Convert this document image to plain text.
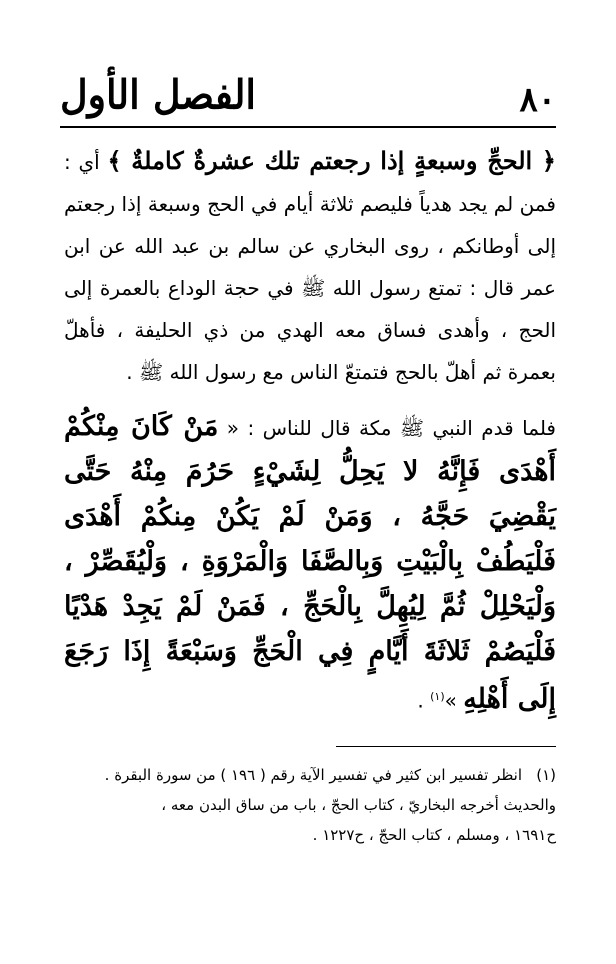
٨٠
الفصل الأول

﴿ الحجِّ وسبعةٍ إذا رجعتم تلك عشرةٌ كاملةٌ ﴾ أي : فمن لم يجد هدياً فليصم ثلاثة أيام في الحج وسبعة إذا رجعتم إلى أوطانكم ، روى البخاري عن سالم بن عبد الله عن ابن عمر قال : تمتع رسول الله ﷺ في حجة الوداع بالعمرة إلى الحج ، وأهدى فساق معه الهدي من ذي الحليفة ، فأهلّ بعمرة ثم أهلّ بالحج فتمتعّ الناس مع رسول الله ﷺ .

فلما قدم النبي ﷺ مكة قال للناس : « مَنْ كَانَ مِنْكُمْ أَهْدَى فَإِنَّهُ لا يَحِلُّ لِشَيْءٍ حَرُمَ مِنْهُ حَتَّى يَقْضِيَ حَجَّهُ ، وَمَنْ لَمْ يَكُنْ مِنكُمْ أَهْدَى فَلْيَطُفْ بِالْبَيْتِ وَبِالصَّفَا وَالْمَرْوَةِ ، وَلْيُقَصِّرْ ، وَلْيَحْلِلْ ثُمَّ لِيُهِلَّ بِالْحَجِّ ، فَمَنْ لَمْ يَجِدْ هَدْيًا فَلْيَصُمْ ثَلاثَةَ أَيَّامٍ فِي الْحَجِّ وَسَبْعَةً إِذَا رَجَعَ إِلَى أَهْلِهِ »$^{(١)}$ .

(١)انظر تفسير ابن كثير في تفسير الآية رقم ( ١٩٦ ) من سورة البقرة .

والحديث أخرجه البخاريّ ، كتاب الحجّ ، باب من ساق البدن معه ،

ح١٦٩١ ، ومسلم ، كتاب الحجّ ، ح١٢٢٧ .
